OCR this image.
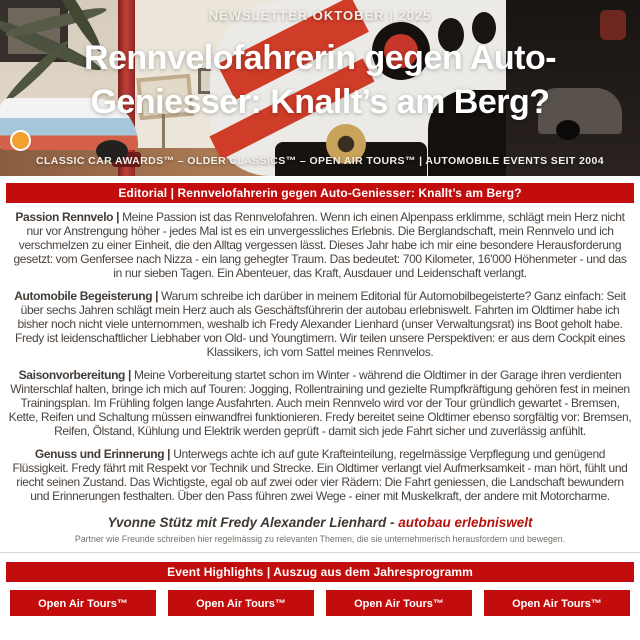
NEWSLETTER OKTOBER | 2025
Rennvelofahrerin gegen Auto-
Geniesser: Knallt’s am Berg?
CLASSIC CAR AWARDS™ – OLDER CLASSICS™ – OPEN AIR TOURS™ | AUTOMOBILE EVENTS SEIT 2004
Editorial | Rennvelofahrerin gegen Auto-Geniesser: Knallt’s am Berg?

Passion Rennvelo | Meine Passion ist das Rennvelofahren. Wenn ich einen Alpenpass erklimme, schlägt mein Herz nicht nur vor Anstrengung höher - jedes Mal ist es ein unvergessliches Erlebnis. Die Berglandschaft, mein Rennvelo und ich verschmelzen zu einer Einheit, die den Alltag vergessen lässt. Dieses Jahr habe ich mir eine besondere Herausforderung gesetzt: vom Genfersee nach Nizza - ein lang gehegter Traum. Das bedeutet: 700 Kilometer, 16'000 Höhenmeter - und das in nur sieben Tagen. Ein Abenteuer, das Kraft, Ausdauer und Leidenschaft verlangt.

Automobile Begeisterung | Warum schreibe ich darüber in meinem Editorial für Automobilbegeisterte? Ganz einfach: Seit über sechs Jahren schlägt mein Herz auch als Geschäftsführerin der autobau erlebniswelt. Fahrten im Oldtimer habe ich bisher noch nicht viele unternommen, weshalb ich Fredy Alexander Lienhard (unser Verwaltungsrat) ins Boot geholt habe. Fredy ist leidenschaftlicher Liebhaber von Old- und Youngtimern. Wir teilen unsere Perspektiven: er aus dem Cockpit eines Klassikers, ich vom Sattel meines Rennvelos.

Saisonvorbereitung | Meine Vorbereitung startet schon im Winter - während die Oldtimer in der Garage ihren verdienten Winterschlaf halten, bringe ich mich auf Touren: Jogging, Rollentraining und gezielte Rumpfkräftigung gehören fest in meinen Trainingsplan. Im Frühling folgen lange Ausfahrten. Auch mein Rennvelo wird vor der Tour gründlich gewartet - Bremsen, Kette, Reifen und Schaltung müssen einwandfrei funktionieren. Fredy bereitet seine Oldtimer ebenso sorgfältig vor: Bremsen, Reifen, Ölstand, Kühlung und Elektrik werden geprüft - damit sich jede Fahrt sicher und zuverlässig anfühlt.

Genuss und Erinnerung | Unterwegs achte ich auf gute Krafteinteilung, regelmässige Verpflegung und genügend Flüssigkeit. Fredy fährt mit Respekt vor Technik und Strecke. Ein Oldtimer verlangt viel Aufmerksamkeit - man hört, fühlt und riecht seinen Zustand. Das Wichtigste, egal ob auf zwei oder vier Rädern: Die Fahrt geniessen, die Landschaft bewundern und Erinnerungen festhalten. Über den Pass führen zwei Wege - einer mit Muskelkraft, der andere mit Motorcharme.

Yvonne Stütz mit Fredy Alexander Lienhard - autobau erlebniswelt
Partner wie Freunde schreiben hier regelmässig zu relevanten Themen, die sie unternehmerisch herausfordern und bewegen.
Event Highlights | Auszug aus dem Jahresprogramm
Open Air Tours™	Open Air Tours™	Open Air Tours™	Open Air Tours™
